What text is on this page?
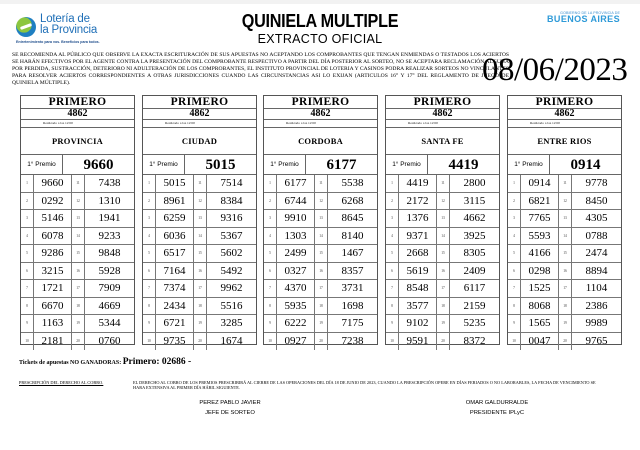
Lotería de
la Provincia
Entretenimiento para vos. Beneficios para todos.
QUINIELA MULTIPLE
EXTRACTO OFICIAL
GOBIERNO DE LA PROVINCIA DE
BUENOS AIRES
SE RECOMIENDA AL PÚBLICO QUE OBSERVE LA EXACTA ESCRITURACIÓN DE SUS APUESTAS NO ACEPTANDO LOS COMPROBANTES QUE TENGAN ENMIENDAS O TESTADOS LOS ACIERTOS SE HARÁN EFECTIVOS POR EL AGENTE CONTRA LA PRESENTACIÓN DEL COMPROBANTE RESPECTIVO A PARTIR DEL DÍA POSTERIOR AL SORTEO, NO SE ACEPTARA RECLAMACIÓN ALGUNA POR PERDIDA, SUSTRACCIÓN, DETERIORO NI ADULTERACIÓN DE LOS COMPROBANTES, EL INSTITUTO PROVINCIAL DE LOTERIA Y CASINOS PODRA REALIZAR SORTEOS NO VINCULANTES PARA RESOLVER ACIERTOS CORRESPONDIENTES A OTRAS JURISDICCIONES CUANDO LAS CIRCUNSTANCIAS ASI LO EXIJAN (ARTICULOS 16° Y 17° DEL REGLAMENTO DE JUEGO DE QUINIELA MÚLTIPLE).	08/06/2023
PRIMERO
4862
Realizado a las 12:00
PROVINCIA
1° Premio	9660
1	9660	11	7438
2	0292	12	1310
3	5146	13	1941
4	6078	14	9233
5	9286	15	9848
6	3215	16	5928
7	1721	17	7909
8	6670	18	4669
9	1163	19	5344
10	2181	20	0760
PRIMERO
4862
Realizado a las 12:00
CIUDAD
1° Premio	5015
1	5015	11	7514
2	8961	12	8384
3	6259	13	9316
4	6036	14	5367
5	6517	15	5602
6	7164	16	5492
7	7374	17	9962
8	2434	18	5516
9	6721	19	3285
10	9735	20	1674
PRIMERO
4862
Realizado a las 12:00
CORDOBA
1° Premio	6177
1	6177	11	5538
2	6744	12	6268
3	9910	13	8645
4	1303	14	8140
5	2499	15	1467
6	0327	16	8357
7	4370	17	3731
8	5935	18	1698
9	6222	19	7175
10	0927	20	7238
PRIMERO
4862
Realizado a las 12:00
SANTA FE
1° Premio	4419
1	4419	11	2800
2	2172	12	3115
3	1376	13	4662
4	9371	14	3925
5	2668	15	8305
6	5619	16	2409
7	8548	17	6117
8	3577	18	2159
9	9102	19	5235
10	9591	20	8372
PRIMERO
4862
Realizado a las 12:00
ENTRE RIOS
1° Premio	0914
1	0914	11	9778
2	6821	12	8450
3	7765	13	4305
4	5593	14	0788
5	4166	15	2474
6	0298	16	8894
7	1525	17	1104
8	8068	18	2386
9	1565	19	9989
10	0047	20	9765
Tickets de apuestas NO GANADORAS: Primero: 02686 -
PRESCRIPCIÓN DEL DERECHO AL COBRO.	EL DERECHO AL COBRO DE LOS PREMIOS PRESCRIBIRÁ AL CIERRE DE LAS OPERACIONES DEL DÍA 18 DE JUNIO DE 2023, CUANDO LA PRESCRIPCIÓN OPERE EN DÍAS FERIADOS O NO LABORABLES, LA FECHA DE VENCIMIENTO SE HARA EXTENSIVA AL PRIMER DÍA HÁBIL SIGUIENTE.
PEREZ PABLO JAVIER
JEFE DE SORTEO
OMAR GALDURRALDE
PRESIDENTE IPLyC
